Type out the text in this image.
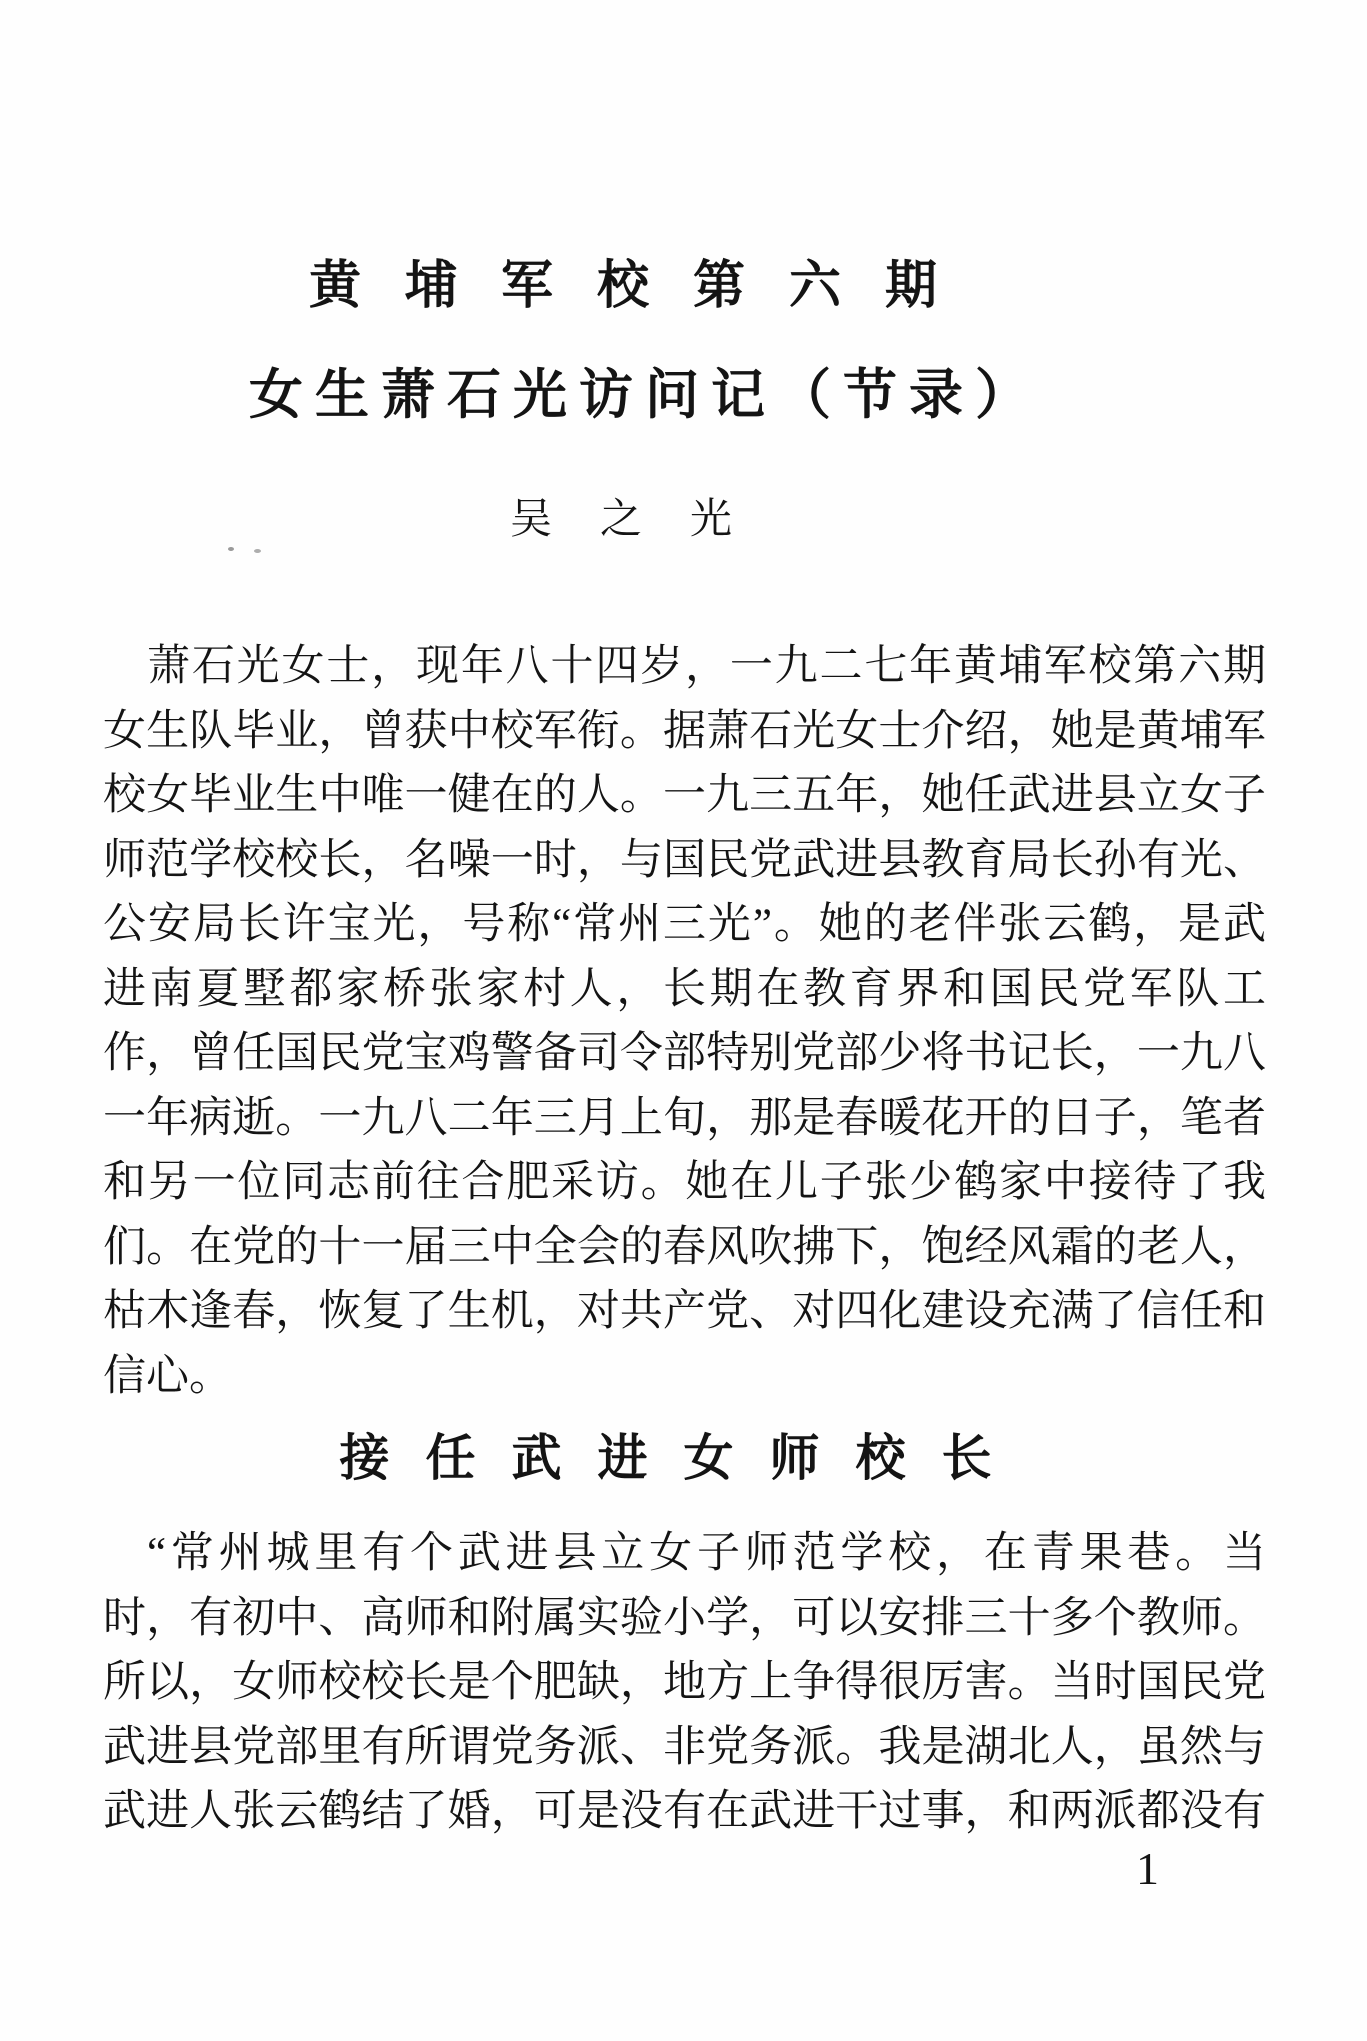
黄埔军校第六期
女生萧石光访问记（节录）
吴之光
萧石光女士，现年八十四岁，一九二七年黄埔军校第六期
女生队毕业，曾获中校军衔。据萧石光女士介绍，她是黄埔军
校女毕业生中唯一健在的人。一九三五年，她任武进县立女子
师范学校校长，名噪一时，与国民党武进县教育局长孙有光、
公安局长许宝光，号称“常州三光”。她的老伴张云鹤，是武
进南夏墅都家桥张家村人，长期在教育界和国民党军队工
作，曾任国民党宝鸡警备司令部特别党部少将书记长，一九八
一年病逝。一九八二年三月上旬，那是春暖花开的日子，笔者
和另一位同志前往合肥采访。她在儿子张少鹤家中接待了我
们。在党的十一届三中全会的春风吹拂下，饱经风霜的老人，
枯木逢春，恢复了生机，对共产党、对四化建设充满了信任和
信心。
接任武进女师校长
“常州城里有个武进县立女子师范学校，在青果巷。当
时，有初中、高师和附属实验小学，可以安排三十多个教师。
所以，女师校校长是个肥缺，地方上争得很厉害。当时国民党
武进县党部里有所谓党务派、非党务派。我是湖北人，虽然与
武进人张云鹤结了婚，可是没有在武进干过事，和两派都没有
1
